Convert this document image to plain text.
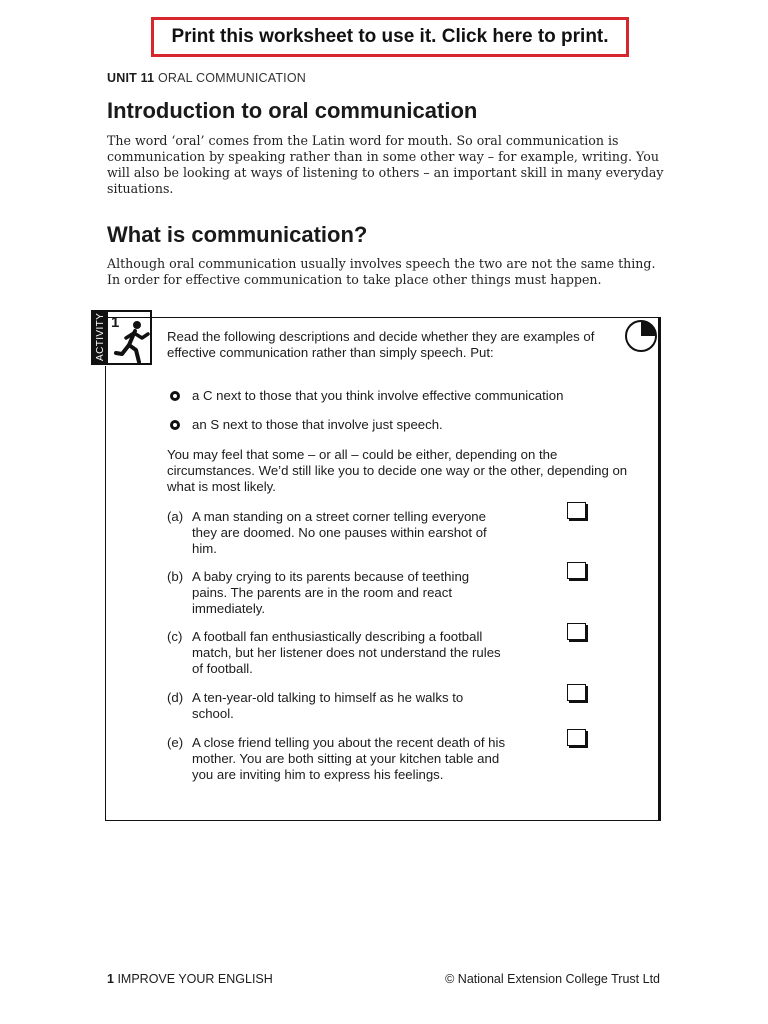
Print this worksheet to use it. Click here to print.
UNIT 11 ORAL COMMUNICATION
Introduction to oral communication

The word ‘oral’ comes from the Latin word for mouth. So oral communication is communication by speaking rather than in some other way – for example, writing. You will also be looking at ways of listening to others – an important skill in many everyday situations.

What is communication?

Although oral communication usually involves speech the two are not the same thing. In order for effective communication to take place other things must happen.

ACTIVITY 1

Read the following descriptions and decide whether they are examples of effective communication rather than simply speech. Put:

a C next to those that you think involve effective communication
an S next to those that involve just speech.

You may feel that some – or all – could be either, depending on the circumstances. We’d still like you to decide one way or the other, depending on what is most likely.

(a) A man standing on a street corner telling everyone they are doomed. No one pauses within earshot of him.
(b) A baby crying to its parents because of teething pains. The parents are in the room and react immediately.
(c) A football fan enthusiastically describing a football match, but her listener does not understand the rules of football.
(d) A ten-year-old talking to himself as he walks to school.
(e) A close friend telling you about the recent death of his mother. You are both sitting at your kitchen table and you are inviting him to express his feelings.
1 IMPROVE YOUR ENGLISH	© National Extension College Trust Ltd
